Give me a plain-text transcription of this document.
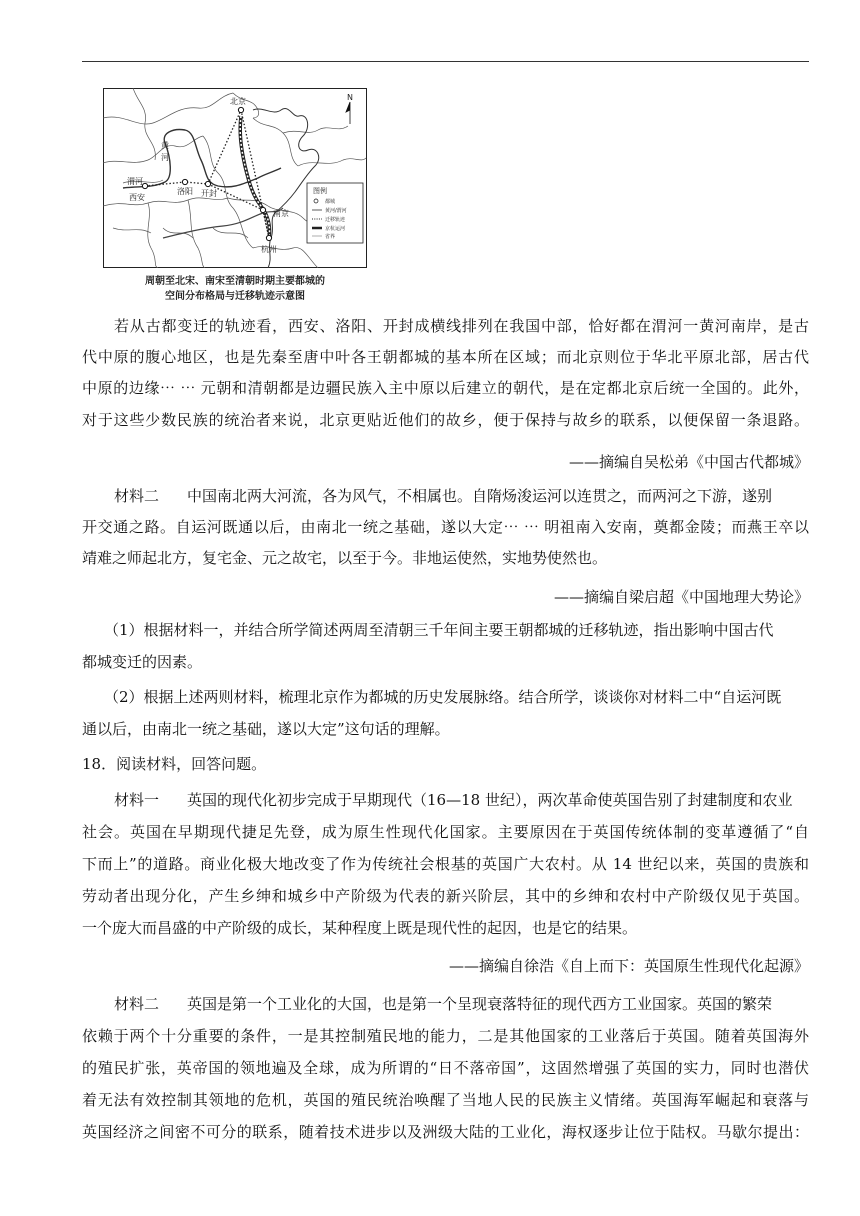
北京
黄
河
渭河
西安
洛阳 开封
南京
杭州
N
图例
都城
黄河/渭河
迁移轨迹
京杭运河
省界
周朝至北宋、南宋至清朝时期主要都城的
空间分布格局与迁移轨迹示意图
若从古都变迁的轨迹看，西安、洛阳、开封成横线排列在我国中部，恰好都在渭河一黄河南岸，是古
代中原的腹心地区，也是先秦至唐中叶各王朝都城的基本所在区域；而北京则位于华北平原北部，居古代
中原的边缘⋯ ⋯ 元朝和清朝都是边疆民族入主中原以后建立的朝代，是在定都北京后统一全国的。此外，
对于这些少数民族的统治者来说，北京更贴近他们的故乡，便于保持与故乡的联系，以便保留一条退路。
——摘编自吴松弟《中国古代都城》
材料二 中国南北两大河流，各为风气，不相属也。自隋炀浚运河以连贯之，而两河之下游，遂别
开交通之路。自运河既通以后，由南北一统之基础，遂以大定⋯ ⋯ 明祖南入安南，奠都金陵；而燕王卒以
靖难之师起北方，复宅金、元之故宅，以至于今。非地运使然，实地势使然也。
——摘编自梁启超《中国地理大势论》
（1）根据材料一，并结合所学简述两周至清朝三千年间主要王朝都城的迁移轨迹，指出影响中国古代
都城变迁的因素。
（2）根据上述两则材料，梳理北京作为都城的历史发展脉络。结合所学，谈谈你对材料二中“自运河既
通以后，由南北一统之基础，遂以大定”这句话的理解。
18．阅读材料，回答问题。
材料一 英国的现代化初步完成于早期现代（16—18 世纪），两次革命使英国告别了封建制度和农业
社会。英国在早期现代捷足先登，成为原生性现代化国家。主要原因在于英国传统体制的变革遵循了“自
下而上”的道路。商业化极大地改变了作为传统社会根基的英国广大农村。从 14 世纪以来，英国的贵族和
劳动者出现分化，产生乡绅和城乡中产阶级为代表的新兴阶层，其中的乡绅和农村中产阶级仅见于英国。
一个庞大而昌盛的中产阶级的成长，某种程度上既是现代性的起因，也是它的结果。
——摘编自徐浩《自上而下：英国原生性现代化起源》
材料二 英国是第一个工业化的大国，也是第一个呈现衰落特征的现代西方工业国家。英国的繁荣
依赖于两个十分重要的条件，一是其控制殖民地的能力，二是其他国家的工业落后于英国。随着英国海外
的殖民扩张，英帝国的领地遍及全球，成为所谓的“日不落帝国”，这固然增强了英国的实力，同时也潜伏
着无法有效控制其领地的危机，英国的殖民统治唤醒了当地人民的民族主义情绪。英国海军崛起和衰落与
英国经济之间密不可分的联系，随着技术进步以及洲级大陆的工业化，海权逐步让位于陆权。马歇尔提出：
